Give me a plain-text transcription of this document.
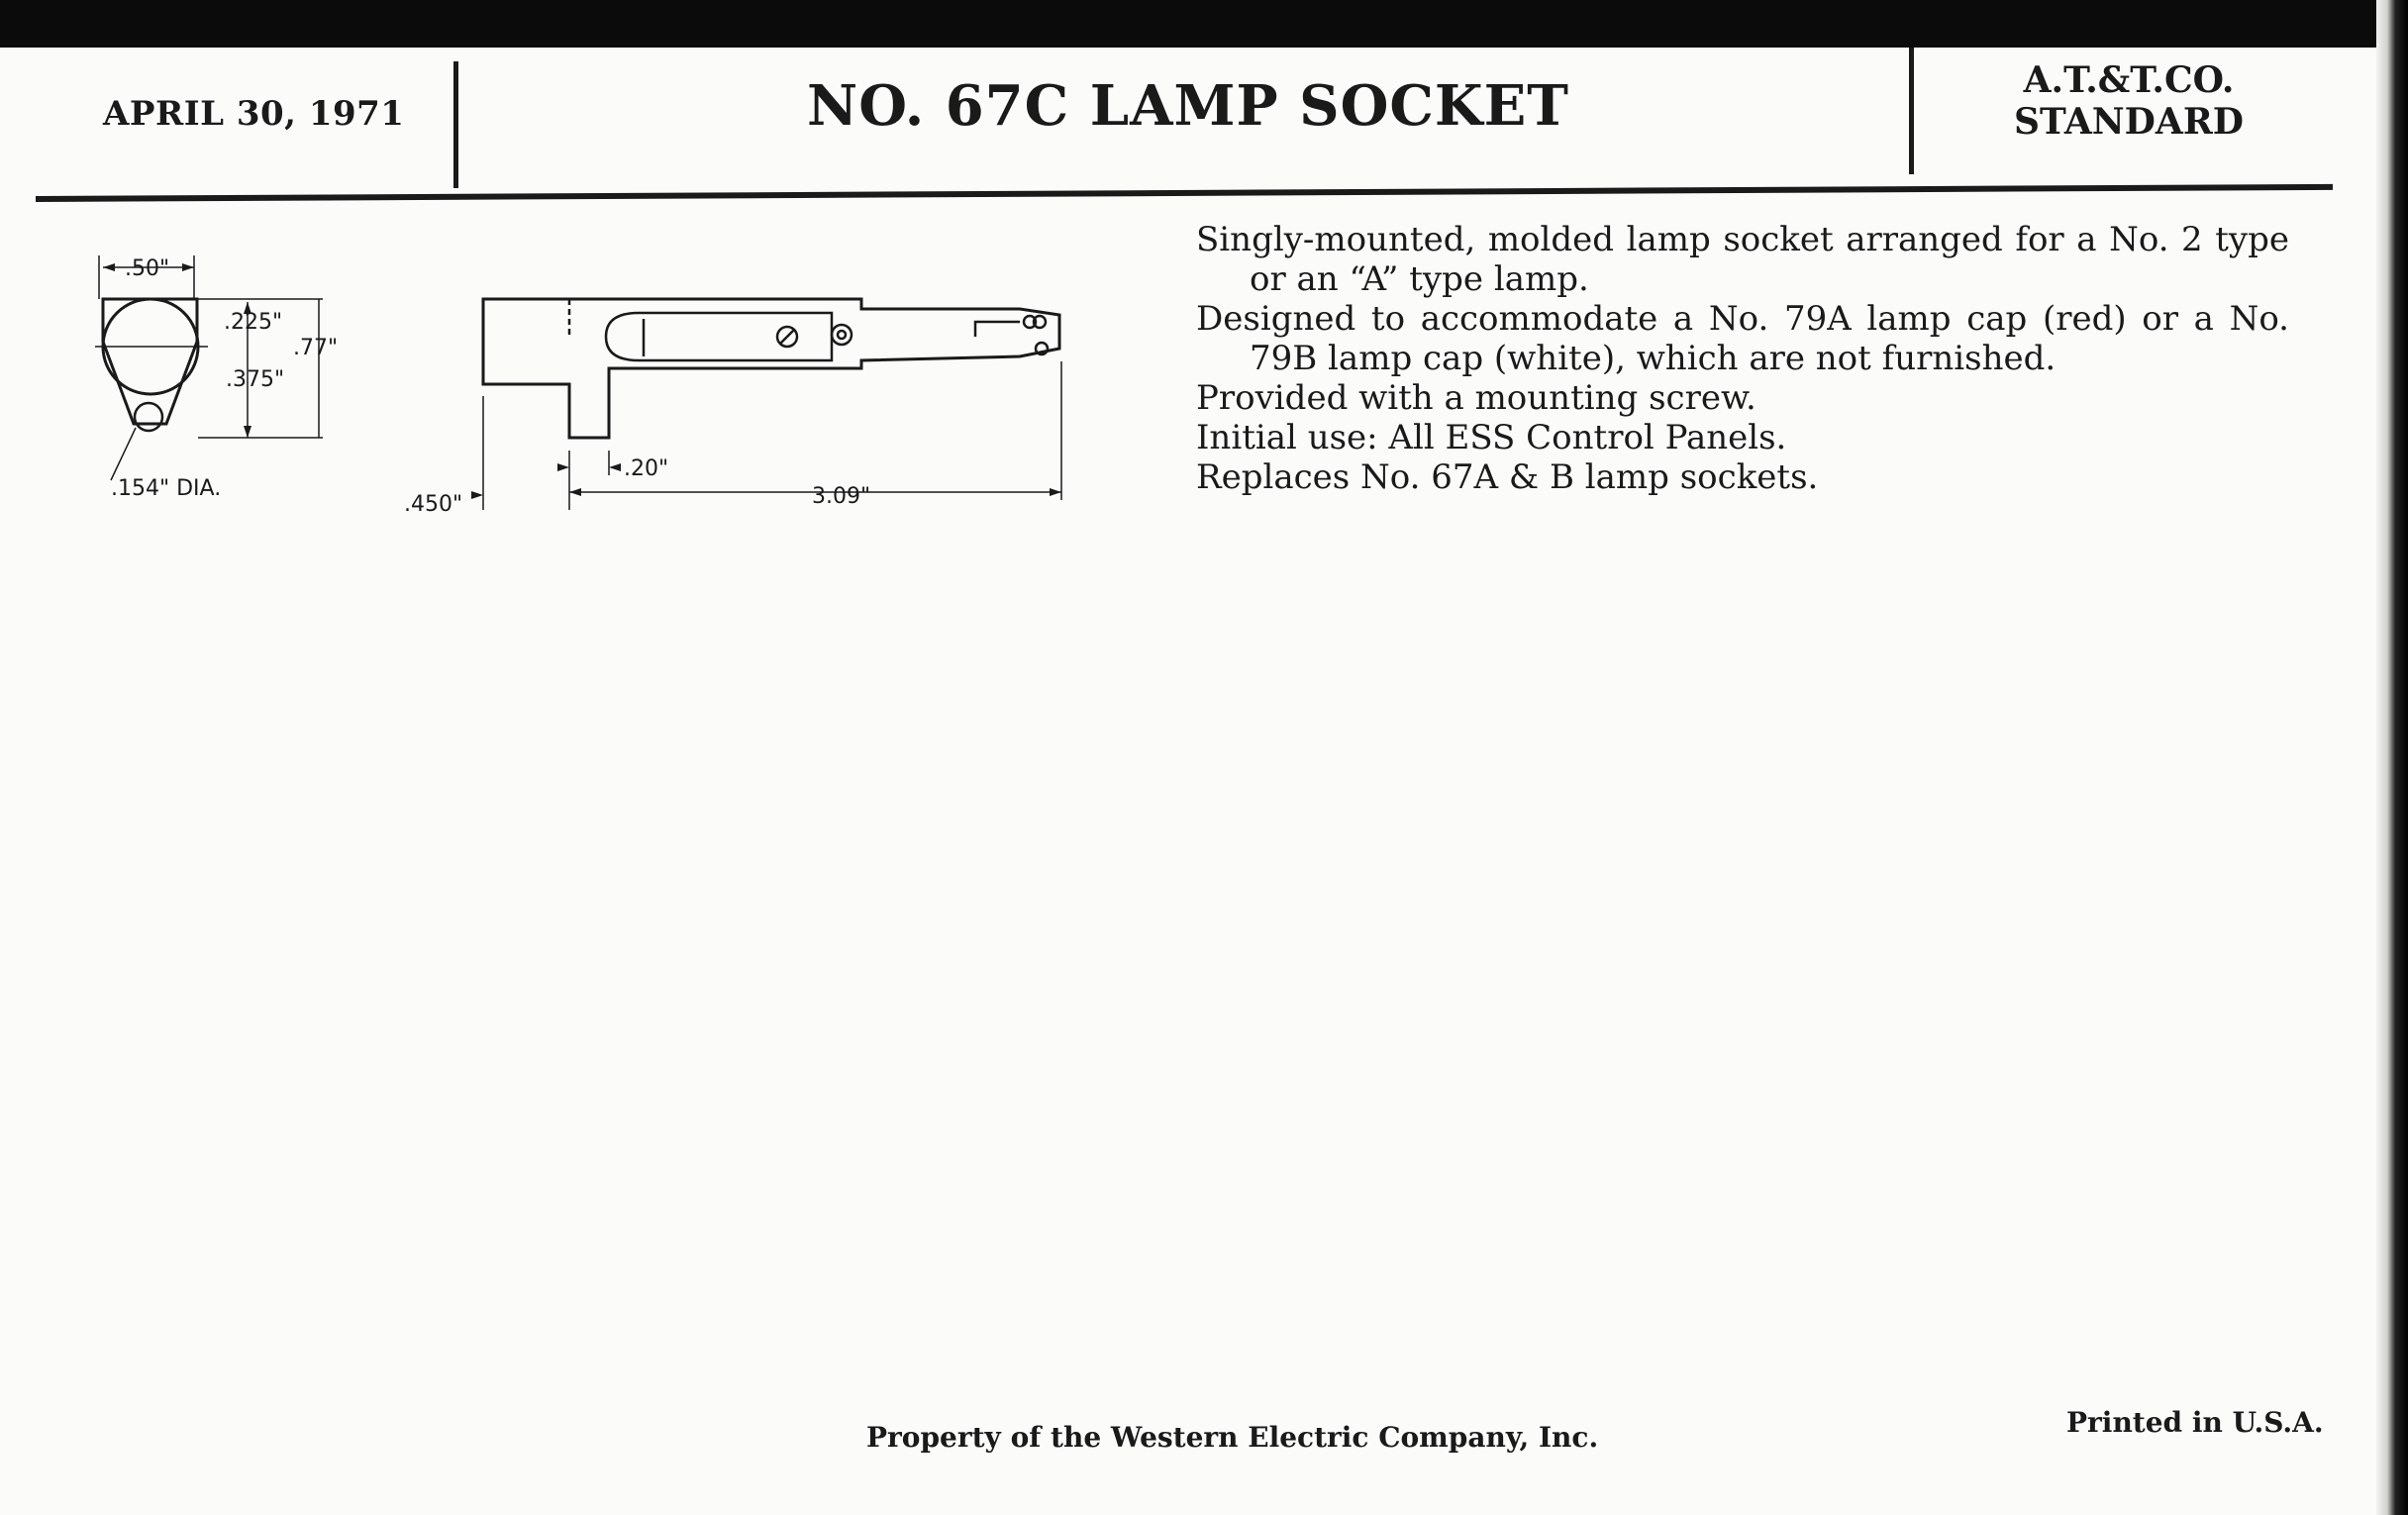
APRIL 30, 1971	NO. 67C LAMP SOCKET	A.T.&T.CO.
STANDARD
.50"
.225"
.375"
.77"
.154" DIA.
.450"
.20"
3.09"

Singly-mounted, molded lamp socket arranged for a No. 2 type or an “A” type lamp.

Designed to accommodate a No. 79A lamp cap (red) or a No. 79B lamp cap (white), which are not furnished.

Provided with a mounting screw.

Initial use: All ESS Control Panels.

Replaces No. 67A & B lamp sockets.

Property of the Western Electric Company, Inc.	Printed in U.S.A.
